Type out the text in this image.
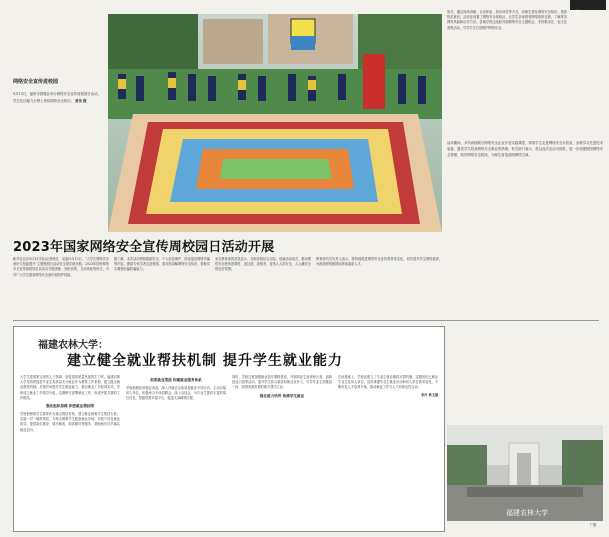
动
网络安全宣传进校园
9月13日，福州市鼓楼区举办网络安全宣传周校园日活动，学生在巨幅飞行棋上体验网络安全知识。 黄伟 摄
2023年国家网络安全宣传周校园日活动开展
新华社北京9月13日电(记者徐壮、吴晶)9月13日，“大学生网络安全意识与技能提升”主题校园日活动在全国多地开展。2023年国家网络安全宣传周校园日活动以专题讲座、知识竞赛、互动体验等形式，引导广大学生提高网络安全意识和防护技能。
据了解，本次活动围绕数据安全、个人信息保护、防范电信网络诈骗等内容，邀请专家学者走进校园，面对面讲解网络安全知识，帮助学生增强识骗防骗能力。
来自教育部的消息显示，各地各校结合实际，创新活动形式，推动网络安全教育进课堂、进社团、进宿舍，营造人人讲安全、人人懂安全的良好氛围。
教育部有关负责人表示，将持续推进网络安全宣传教育常态化，切实提升学生网络素养，为建设网络强国培养高素质人才。
形式，通过现场讲解、互动体验、知识问答等方式，向师生普及网络安全知识，提高防范意识。活动还设置了网络安全体验区，让学生亲身感受网络攻防过程，了解常见网络风险和应对方法。各地学校还组织开展网络安全主题班会、手抄报评比、征文比赛等活动，引导学生自觉维护网络安全。
活动期间，多所高校联合网络安全企业开设实践课堂，带领学生走进网络安全实验室，参观学习先进技术装备，激发学生投身网络安全事业的热情。有关部门表示，将以此次活动为契机，进一步加强校园网络安全管理，筑牢网络安全防线，为师生营造清朗网络空间。
福建农林大学：
建立健全就业帮扶机制 提升学生就业能力

大学生是国家宝贵的人才资源，是促进高质量发展的生力军。福建农林大学坚持把促进毕业生高质量充分就业作为重要工作来抓，建立健全就业帮扶机制，多措并举提升学生就业能力，推动就业工作取得实效。学校成立就业工作领导小组，定期研究部署就业工作，形成齐抓共管的工作格局。

强化组织保障 织密就业帮扶网

学校把困难学生群体作为重点帮扶对象，建立就业困难学生帮扶台账，实施一对一精准帮扶，为每名困难学生配备就业导师，开展个性化就业指导，提供岗位推荐、简历修改、面试辅导等服务，帮助他们尽早落实就业去向。

拓宽就业渠道 构建就业服务体系

学校积极拓宽就业渠道，深入开展访企拓岗促就业专项行动，主动对接用人单位，积极举办专场招聘会、线上双选会，为毕业生提供丰富的岗位信息，搭建供需对接平台，促进人岗精准匹配。

同时，学校注重加强就业指导课程建设，开展职业生涯规划大赛、创新创业大赛等活动，提升学生综合素质和就业竞争力，引导毕业生到基层一线、到国家最需要的地方建功立业。

强化能力培养 助推学生就业

在此基础上，学校还建立了毕业生就业跟踪反馈机制，定期回访已就业毕业生及用人单位，及时掌握毕业生就业状况和用人单位需求变化，不断优化人才培养方案，推动就业工作与人才培养良性互动。

李丹 林玉丽
福建农林大学
广摄
